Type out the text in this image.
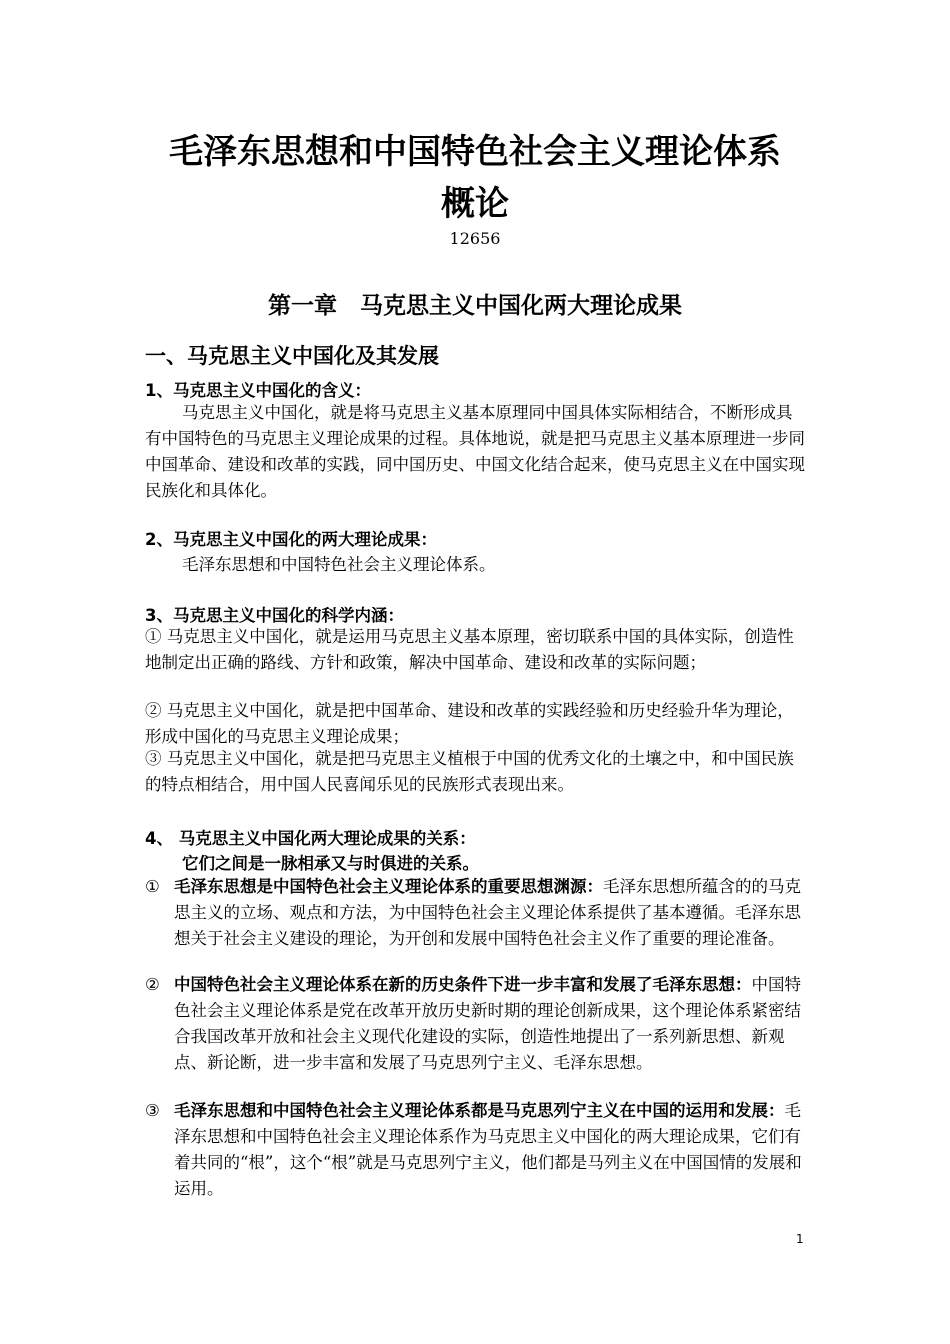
毛泽东思想和中国特色社会主义理论体系
概论
12656
第一章　马克思主义中国化两大理论成果
一、马克思主义中国化及其发展
1、马克思主义中国化的含义：
马克思主义中国化，就是将马克思主义基本原理同中国具体实际相结合，不断形成具有中国特色的马克思主义理论成果的过程。具体地说，就是把马克思主义基本原理进一步同中国革命、建设和改革的实践，同中国历史、中国文化结合起来，使马克思主义在中国实现民族化和具体化。
2、马克思主义中国化的两大理论成果：
毛泽东思想和中国特色社会主义理论体系。
3、马克思主义中国化的科学内涵：
① 马克思主义中国化，就是运用马克思主义基本原理，密切联系中国的具体实际，创造性地制定出正确的路线、方针和政策，解决中国革命、建设和改革的实际问题；
② 马克思主义中国化，就是把中国革命、建设和改革的实践经验和历史经验升华为理论，形成中国化的马克思主义理论成果；
③ 马克思主义中国化，就是把马克思主义植根于中国的优秀文化的土壤之中，和中国民族的特点相结合，用中国人民喜闻乐见的民族形式表现出来。
4、 马克思主义中国化两大理论成果的关系：
它们之间是一脉相承又与时俱进的关系。
① 毛泽东思想是中国特色社会主义理论体系的重要思想渊源：毛泽东思想所蕴含的的马克思主义的立场、观点和方法，为中国特色社会主义理论体系提供了基本遵循。毛泽东思想关于社会主义建设的理论，为开创和发展中国特色社会主义作了重要的理论准备。
② 中国特色社会主义理论体系在新的历史条件下进一步丰富和发展了毛泽东思想：中国特色社会主义理论体系是党在改革开放历史新时期的理论创新成果，这个理论体系紧密结合我国改革开放和社会主义现代化建设的实际，创造性地提出了一系列新思想、新观点、新论断，进一步丰富和发展了马克思列宁主义、毛泽东思想。
③ 毛泽东思想和中国特色社会主义理论体系都是马克思列宁主义在中国的运用和发展：毛泽东思想和中国特色社会主义理论体系作为马克思主义中国化的两大理论成果，它们有着共同的“根”，这个“根”就是马克思列宁主义，他们都是马列主义在中国国情的发展和运用。
1
